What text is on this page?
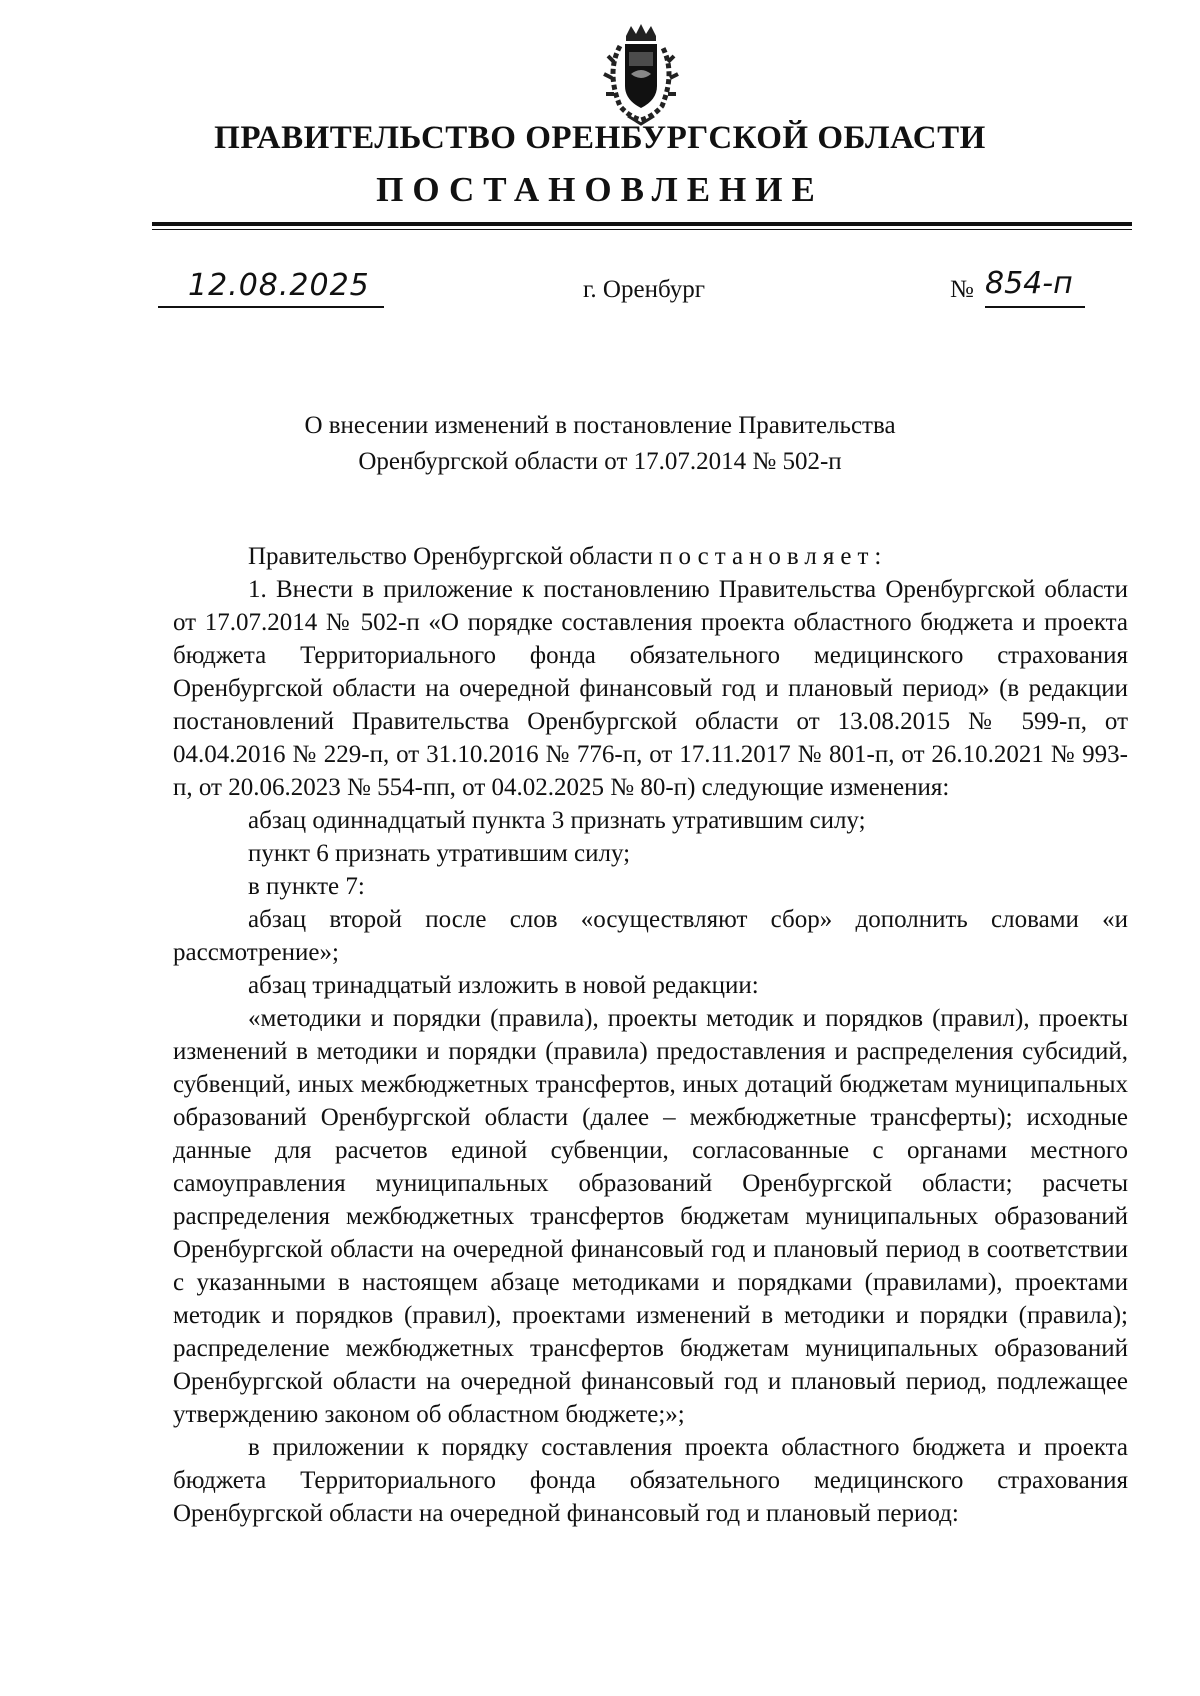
ПРАВИТЕЛЬСТВО ОРЕНБУРГСКОЙ ОБЛАСТИ
ПОСТАНОВЛЕНИЕ
12.08.2025	г. Оренбург	№ 854-п
О внесении изменений в постановление Правительства
Оренбургской области от 17.07.2014 № 502-п

Правительство Оренбургской области постановляет:

1. Внести в приложение к постановлению Правительства Оренбургской области от 17.07.2014 № 502-п «О порядке составления проекта областного бюджета и проекта бюджета Территориального фонда обязательного медицинского страхования Оренбургской области на очередной финансовый год и плановый период» (в редакции постановлений Правительства Оренбургской области от 13.08.2015 № 599-п, от 04.04.2016 № 229-п, от 31.10.2016 № 776-п, от 17.11.2017 № 801-п, от 26.10.2021 № 993-п, от 20.06.2023 № 554-пп, от 04.02.2025 № 80-п) следующие изменения:

абзац одиннадцатый пункта 3 признать утратившим силу;

пункт 6 признать утратившим силу;

в пункте 7:

абзац второй после слов «осуществляют сбор» дополнить словами «и рассмотрение»;

абзац тринадцатый изложить в новой редакции:

«методики и порядки (правила), проекты методик и порядков (правил), проекты изменений в методики и порядки (правила) предоставления и распределения субсидий, субвенций, иных межбюджетных трансфертов, иных дотаций бюджетам муниципальных образований Оренбургской области (далее – межбюджетные трансферты); исходные данные для расчетов единой субвенции, согласованные с органами местного самоуправления муниципальных образований Оренбургской области; расчеты распределения межбюджетных трансфертов бюджетам муниципальных образований Оренбургской области на очередной финансовый год и плановый период в соответствии с указанными в настоящем абзаце методиками и порядками (правилами), проектами методик и порядков (правил), проектами изменений в методики и порядки (правила); распределение межбюджетных трансфертов бюджетам муниципальных образований Оренбургской области на очередной финансовый год и плановый период, подлежащее утверждению законом об областном бюджете;»;

в приложении к порядку составления проекта областного бюджета и проекта бюджета Территориального фонда обязательного медицинского страхования Оренбургской области на очередной финансовый год и плановый период:
